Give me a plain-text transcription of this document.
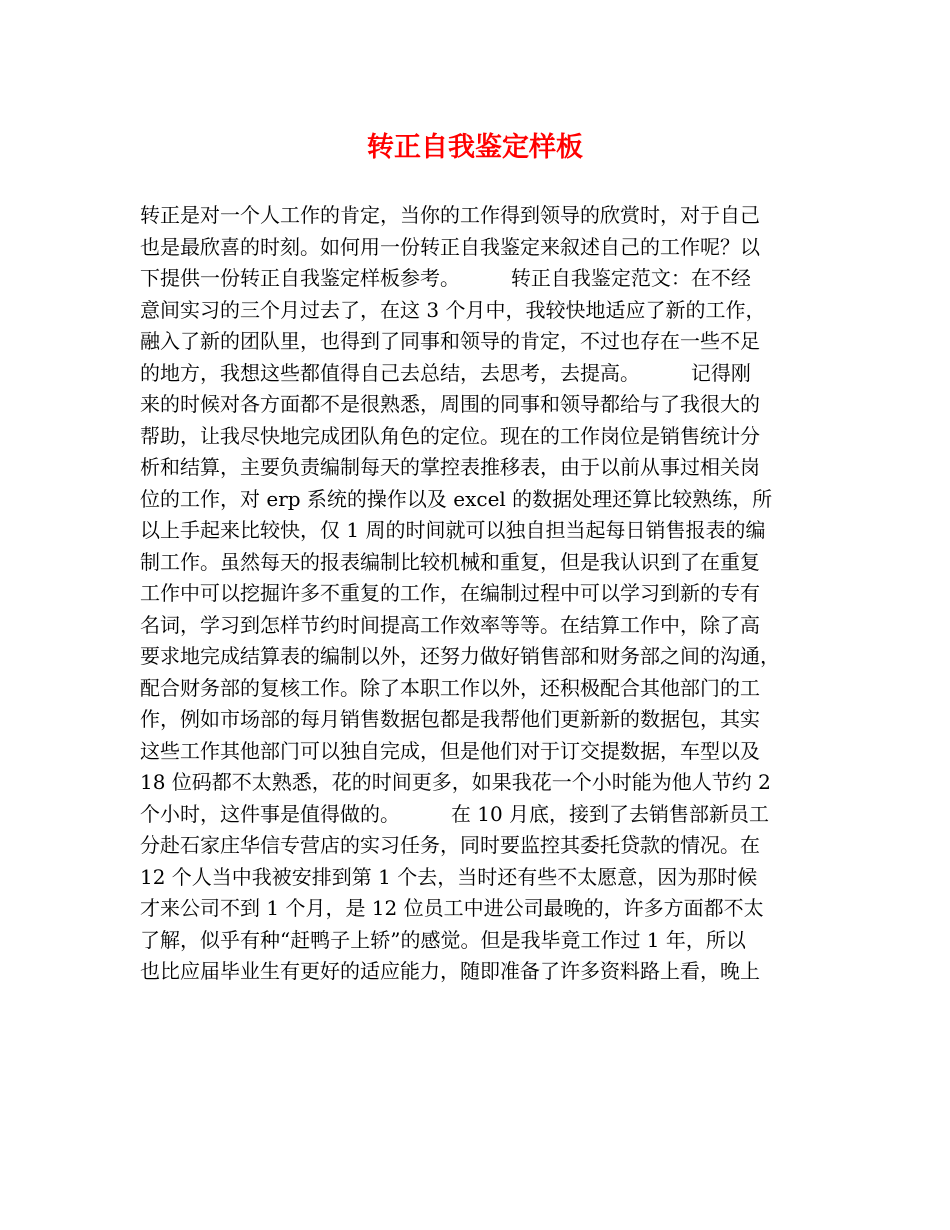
转正自我鉴定样板
转正是对一个人工作的肯定，当你的工作得到领导的欣赏时，对于自己
也是最欣喜的时刻。如何用一份转正自我鉴定来叙述自己的工作呢？以
下提供一份转正自我鉴定样板参考。        转正自我鉴定范文：在不经
意间实习的三个月过去了，在这 3 个月中，我较快地适应了新的工作，
融入了新的团队里，也得到了同事和领导的肯定，不过也存在一些不足
的地方，我想这些都值得自己去总结，去思考，去提高。        记得刚
来的时候对各方面都不是很熟悉，周围的同事和领导都给与了我很大的
帮助，让我尽快地完成团队角色的定位。现在的工作岗位是销售统计分
析和结算，主要负责编制每天的掌控表推移表，由于以前从事过相关岗
位的工作，对 erp 系统的操作以及 excel 的数据处理还算比较熟练，所
以上手起来比较快，仅 1 周的时间就可以独自担当起每日销售报表的编
制工作。虽然每天的报表编制比较机械和重复，但是我认识到了在重复
工作中可以挖掘许多不重复的工作，在编制过程中可以学习到新的专有
名词，学习到怎样节约时间提高工作效率等等。在结算工作中，除了高
要求地完成结算表的编制以外，还努力做好销售部和财务部之间的沟通，
配合财务部的复核工作。除了本职工作以外，还积极配合其他部门的工
作，例如市场部的每月销售数据包都是我帮他们更新新的数据包，其实
这些工作其他部门可以独自完成，但是他们对于订交提数据，车型以及
18 位码都不太熟悉，花的时间更多，如果我花一个小时能为他人节约 2
个小时，这件事是值得做的。        在 10 月底，接到了去销售部新员工
分赴石家庄华信专营店的实习任务，同时要监控其委托贷款的情况。在
12 个人当中我被安排到第 1 个去，当时还有些不太愿意，因为那时候
才来公司不到 1 个月，是 12 位员工中进公司最晚的，许多方面都不太
了解，似乎有种“赶鸭子上轿”的感觉。但是我毕竟工作过 1 年，所以
也比应届毕业生有更好的适应能力，随即准备了许多资料路上看，晚上
